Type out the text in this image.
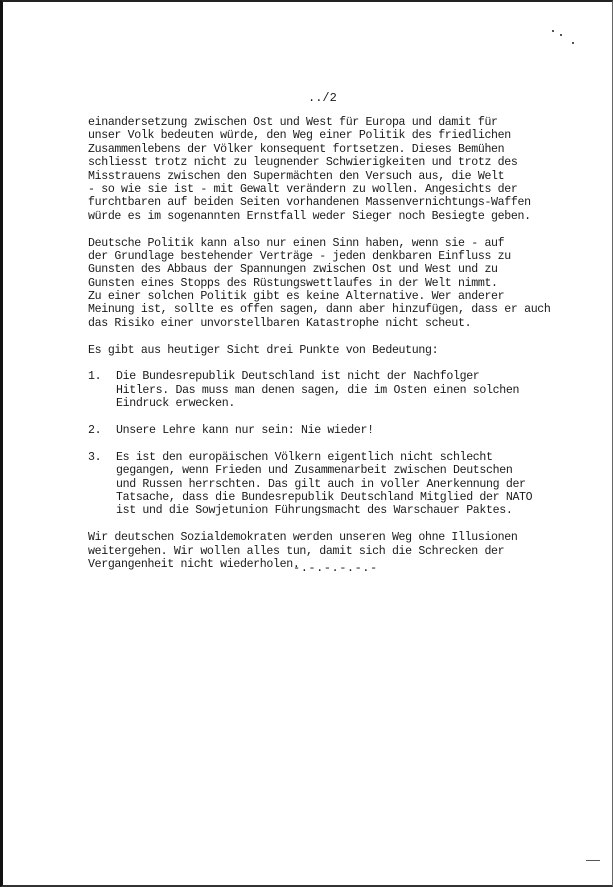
../2
einandersetzung zwischen Ost und West für Europa und damit für
unser Volk bedeuten würde, den Weg einer Politik des friedlichen
Zusammenlebens der Völker konsequent fortsetzen. Dieses Bemühen
schliesst trotz nicht zu leugnender Schwierigkeiten und trotz des
Misstrauens zwischen den Supermächten den Versuch aus, die Welt
- so wie sie ist - mit Gewalt verändern zu wollen. Angesichts der
furchtbaren auf beiden Seiten vorhandenen Massenvernichtungs-Waffen
würde es im sogenannten Ernstfall weder Sieger noch Besiegte geben.
Deutsche Politik kann also nur einen Sinn haben, wenn sie - auf
der Grundlage bestehender Verträge - jeden denkbaren Einfluss zu
Gunsten des Abbaus der Spannungen zwischen Ost und West und zu
Gunsten eines Stopps des Rüstungswettlaufes in der Welt nimmt.
Zu einer solchen Politik gibt es keine Alternative. Wer anderer
Meinung ist, sollte es offen sagen, dann aber hinzufügen, dass er auch
das Risiko einer unvorstellbaren Katastrophe nicht scheut.
Es gibt aus heutiger Sicht drei Punkte von Bedeutung:
1. Die Bundesrepublik Deutschland ist nicht der Nachfolger
Hitlers. Das muss man denen sagen, die im Osten einen solchen
Eindruck erwecken.
2. Unsere Lehre kann nur sein: Nie wieder!
3. Es ist den europäischen Völkern eigentlich nicht schlecht
gegangen, wenn Frieden und Zusammenarbeit zwischen Deutschen
und Russen herrschten. Das gilt auch in voller Anerkennung der
Tatsache, dass die Bundesrepublik Deutschland Mitglied der NATO
ist und die Sowjetunion Führungsmacht des Warschauer Paktes.
Wir deutschen Sozialdemokraten werden unseren Weg ohne Illusionen
weitergehen. Wir wollen alles tun, damit sich die Schrecken der
Vergangenheit nicht wiederholen.
-.-.-.-.-.-
